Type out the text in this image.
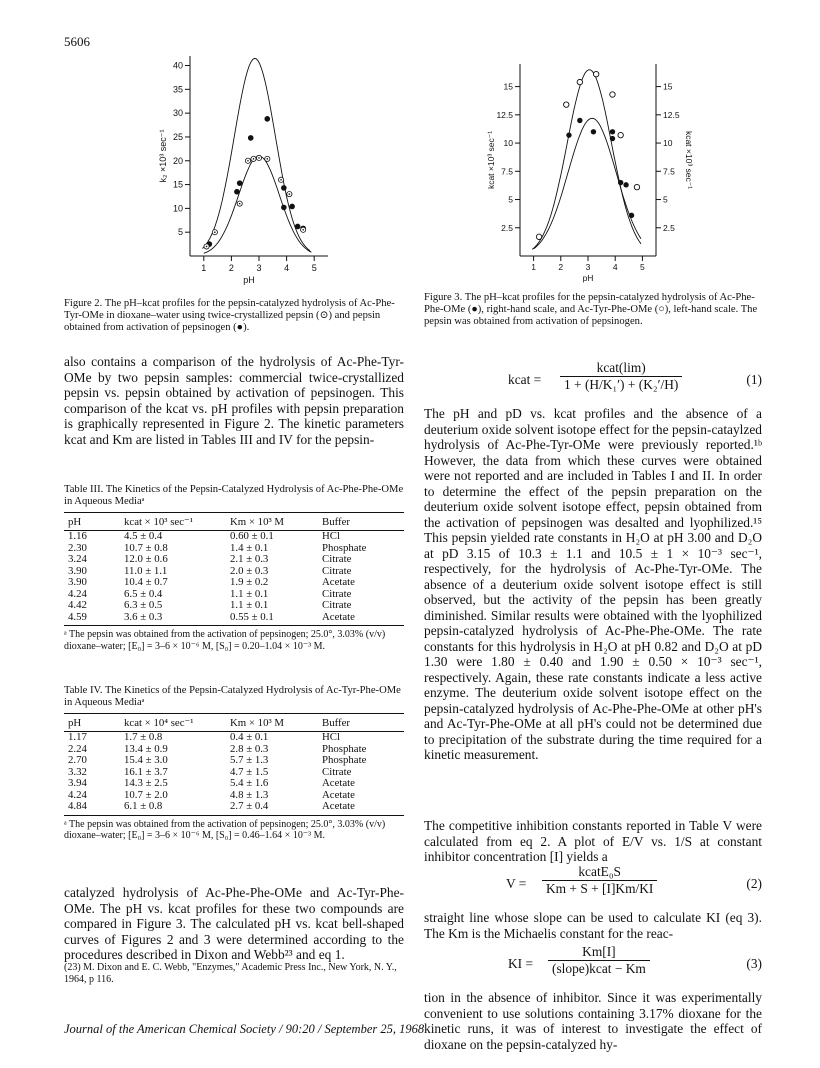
5606
5
10
15
20
25
30
35
40
1	2	3	4	5
pH
k₂ ×10³ sec⁻¹
Figure 2. The pH–kcat profiles for the pepsin-catalyzed hydrolysis of Ac-Phe-Tyr-OMe in dioxane–water using twice-crystallized pepsin (⊙) and pepsin obtained from activation of pepsinogen (●).
2.5
5
7.5
10
12.5
15
2.5
5
7.5
10
12.5
15
1	2	3	4	5
pH
kcat ×10³ sec⁻¹	kcat ×10³ sec⁻¹
Figure 3. The pH–kcat profiles for the pepsin-catalyzed hydrolysis of Ac-Phe-Phe-OMe (●), right-hand scale, and Ac-Tyr-Phe-OMe (○), left-hand scale. The pepsin was obtained from activation of pepsinogen.
also contains a comparison of the hydrolysis of Ac-Phe-Tyr-OMe by two pepsin samples: commercial twice-crystallized pepsin vs. pepsin obtained by activation of pepsinogen. This comparison of the kcat vs. pH profiles with pepsin preparation is graphically represented in Figure 2. The kinetic parameters kcat and Km are listed in Tables III and IV for the pepsin-
Table III. The Kinetics of the Pepsin-Catalyzed Hydrolysis of Ac-Phe-Phe-OMe in Aqueous Mediaᵃ
pH	kcat × 10³ sec⁻¹	Km × 10³ M	Buffer
1.16	4.5 ± 0.4	0.60 ± 0.1	HCl
2.30	10.7 ± 0.8	1.4 ± 0.1	Phosphate
3.24	12.0 ± 0.6	2.1 ± 0.3	Citrate
3.90	11.0 ± 1.1	2.0 ± 0.3	Citrate
3.90	10.4 ± 0.7	1.9 ± 0.2	Acetate
4.24	6.5 ± 0.4	1.1 ± 0.1	Citrate
4.42	6.3 ± 0.5	1.1 ± 0.1	Citrate
4.59	3.6 ± 0.3	0.55 ± 0.1	Acetate
ᵃ The pepsin was obtained from the activation of pepsinogen; 25.0°, 3.03% (v/v) dioxane–water; [E₀] = 3–6 × 10⁻⁶ M, [S₀] = 0.20–1.04 × 10⁻³ M.
Table IV. The Kinetics of the Pepsin-Catalyzed Hydrolysis of Ac-Tyr-Phe-OMe in Aqueous Mediaᵃ
pH	kcat × 10⁴ sec⁻¹	Km × 10³ M	Buffer
1.17	1.7 ± 0.8	0.4 ± 0.1	HCl
2.24	13.4 ± 0.9	2.8 ± 0.3	Phosphate
2.70	15.4 ± 3.0	5.7 ± 1.3	Phosphate
3.32	16.1 ± 3.7	4.7 ± 1.5	Citrate
3.94	14.3 ± 2.5	5.4 ± 1.6	Acetate
4.24	10.7 ± 2.0	4.8 ± 1.3	Acetate
4.84	6.1 ± 0.8	2.7 ± 0.4	Acetate
ᵃ The pepsin was obtained from the activation of pepsinogen; 25.0°, 3.03% (v/v) dioxane–water; [E₀] = 3–6 × 10⁻⁶ M, [S₀] = 0.46–1.64 × 10⁻³ M.
catalyzed hydrolysis of Ac-Phe-Phe-OMe and Ac-Tyr-Phe-OMe. The pH vs. kcat profiles for these two compounds are compared in Figure 3. The calculated pH vs. kcat bell-shaped curves of Figures 2 and 3 were determined according to the procedures described in Dixon and Webb²³ and eq 1.
(23) M. Dixon and E. C. Webb, "Enzymes," Academic Press Inc., New York, N. Y., 1964, p 116.
kcat =
kcat(lim)
1 + (H/K₁′) + (K₂′/H)	(1)
The pH and pD vs. kcat profiles and the absence of a deuterium oxide solvent isotope effect for the pepsin-cataylzed hydrolysis of Ac-Phe-Tyr-OMe were previously reported.¹ᵇ However, the data from which these curves were obtained were not reported and are included in Tables I and II. In order to determine the effect of the pepsin preparation on the deuterium oxide solvent isotope effect, pepsin obtained from the activation of pepsinogen was desalted and lyophilized.¹⁵ This pepsin yielded rate constants in H₂O at pH 3.00 and D₂O at pD 3.15 of 10.3 ± 1.1 and 10.5 ± 1 × 10⁻³ sec⁻¹, respectively, for the hydrolysis of Ac-Phe-Tyr-OMe. The absence of a deuterium oxide solvent isotope effect is still observed, but the activity of the pepsin has been greatly diminished. Similar results were obtained with the lyophilized pepsin-catalyzed hydrolysis of Ac-Phe-Phe-OMe. The rate constants for this hydrolysis in H₂O at pH 0.82 and D₂O at pD 1.30 were 1.80 ± 0.40 and 1.90 ± 0.50 × 10⁻³ sec⁻¹, respectively. Again, these rate constants indicate a less active enzyme. The deuterium oxide solvent isotope effect on the pepsin-catalyzed hydrolysis of Ac-Phe-Phe-OMe at other pH's and Ac-Tyr-Phe-OMe at all pH's could not be determined due to precipitation of the substrate during the time required for a kinetic measurement.
The competitive inhibition constants reported in Table V were calculated from eq 2. A plot of E/V vs. 1/S at constant inhibitor concentration [I] yields a
V =
kcatE₀S
Km + S + [I]Km/KI	(2)
straight line whose slope can be used to calculate KI (eq 3). The Km is the Michaelis constant for the reac-
KI =
Km[I]
(slope)kcat − Km	(3)
tion in the absence of inhibitor. Since it was experimentally convenient to use solutions containing 3.17% dioxane for the kinetic runs, it was of interest to investigate the effect of dioxane on the pepsin-catalyzed hy-
Journal of the American Chemical Society / 90:20 / September 25, 1968
